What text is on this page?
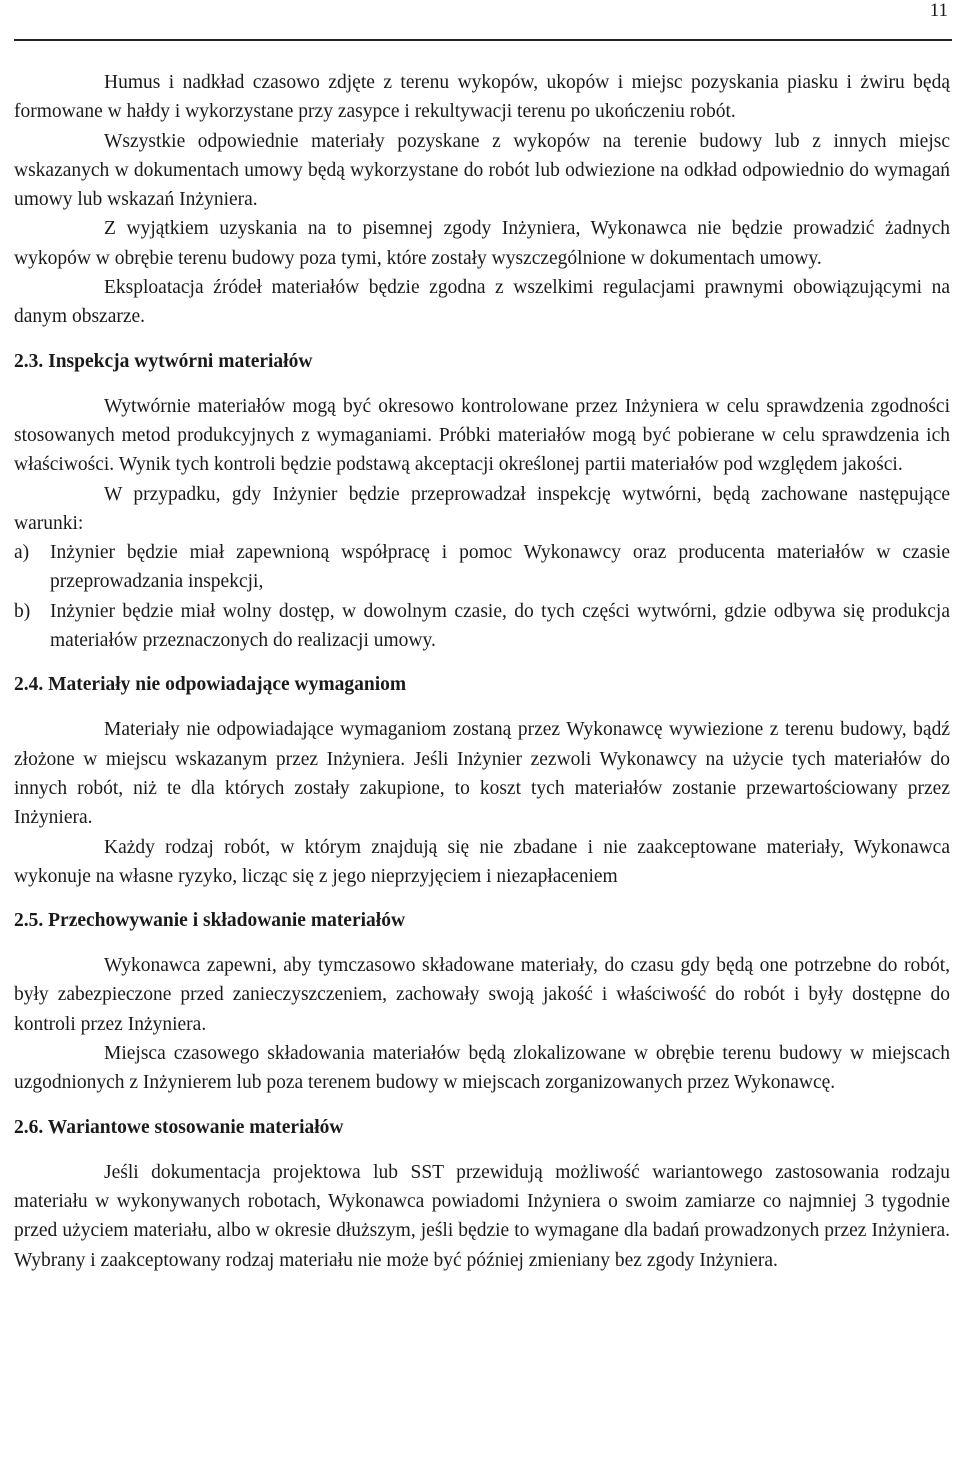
11

Humus i nadkład czasowo zdjęte z terenu wykopów, ukopów i miejsc pozyskania piasku i żwiru będą formowane w hałdy i wykorzystane przy zasypce i rekultywacji terenu po ukończeniu robót.

Wszystkie odpowiednie materiały pozyskane z wykopów na terenie budowy lub z innych miejsc wskazanych w dokumentach umowy będą wykorzystane do robót lub odwiezione na odkład odpowiednio do wymagań umowy lub wskazań Inżyniera.

Z wyjątkiem uzyskania na to pisemnej zgody Inżyniera, Wykonawca nie będzie prowadzić żadnych wykopów w obrębie terenu budowy poza tymi, które zostały wyszczególnione w dokumentach umowy.

Eksploatacja źródeł materiałów będzie zgodna z wszelkimi regulacjami prawnymi obowiązującymi na danym obszarze.

2.3. Inspekcja wytwórni materiałów

Wytwórnie materiałów mogą być okresowo kontrolowane przez Inżyniera w celu sprawdzenia zgodności stosowanych metod produkcyjnych z wymaganiami. Próbki materiałów mogą być pobierane w celu sprawdzenia ich właściwości. Wynik tych kontroli będzie podstawą akceptacji określonej partii materiałów pod względem jakości.

W przypadku, gdy Inżynier będzie przeprowadzał inspekcję wytwórni, będą zachowane następujące warunki:

a) Inżynier będzie miał zapewnioną współpracę i pomoc Wykonawcy oraz producenta materiałów w czasie przeprowadzania inspekcji,
b) Inżynier będzie miał wolny dostęp, w dowolnym czasie, do tych części wytwórni, gdzie odbywa się produkcja materiałów przeznaczonych do realizacji umowy.
2.4. Materiały nie odpowiadające wymaganiom

Materiały nie odpowiadające wymaganiom zostaną przez Wykonawcę wywiezione z terenu budowy, bądź złożone w miejscu wskazanym przez Inżyniera. Jeśli Inżynier zezwoli Wykonawcy na użycie tych materiałów do innych robót, niż te dla których zostały zakupione, to koszt tych materiałów zostanie przewartościowany przez Inżyniera.

Każdy rodzaj robót, w którym znajdują się nie zbadane i nie zaakceptowane materiały, Wykonawca wykonuje na własne ryzyko, licząc się z jego nieprzyjęciem i niezapłaceniem

2.5. Przechowywanie i składowanie materiałów

Wykonawca zapewni, aby tymczasowo składowane materiały, do czasu gdy będą one potrzebne do robót, były zabezpieczone przed zanieczyszczeniem, zachowały swoją jakość i właściwość do robót i były dostępne do kontroli przez Inżyniera.

Miejsca czasowego składowania materiałów będą zlokalizowane w obrębie terenu budowy w miejscach uzgodnionych z Inżynierem lub poza terenem budowy w miejscach zorganizowanych przez Wykonawcę.

2.6. Wariantowe stosowanie materiałów

Jeśli dokumentacja projektowa lub SST przewidują możliwość wariantowego zastosowania rodzaju materiału w wykonywanych robotach, Wykonawca powiadomi Inżyniera o swoim zamiarze co najmniej 3 tygodnie przed użyciem materiału, albo w okresie dłuższym, jeśli będzie to wymagane dla badań prowadzonych przez Inżyniera. Wybrany i zaakceptowany rodzaj materiału nie może być później zmieniany bez zgody Inżyniera.
